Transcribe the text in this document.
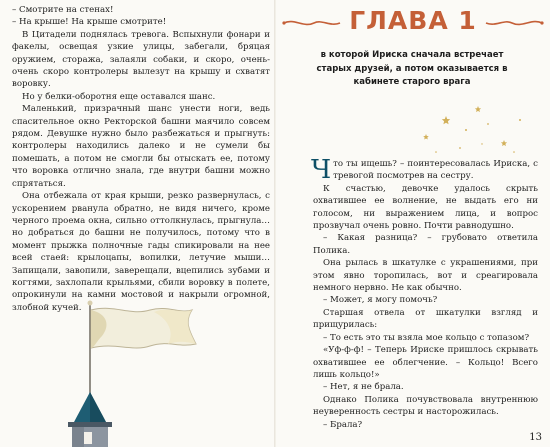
– Смотрите на стенах!

– На крыше! На крыше смотрите!

В Цитадели поднялась тревога. Вспыхнули фонари и факелы, освещая узкие улицы, забегали, бряцая оружием, стоража, залаяли собаки, и скоро, очень-очень скоро контролеры вылезут на крышу и схватят воровку.

Но у белки-оборотня еще оставался шанс.

Маленький, призрачный шанс унести ноги, ведь спасительное окно Ректорской башни маячило совсем рядом. Девушке нужно было разбежаться и прыгнуть: контролеры находились далеко и не сумели бы помешать, а потом не смогли бы отыскать ее, потому что воровка отлично знала, где внутри башни можно спрятаться.

Она отбежала от края крыши, резко развернулась, с ускорением рванула обратно, не видя ничего, кроме черного проема окна, сильно оттолкнулась, прыгнула… но добраться до башни не получилось, потому что в момент прыжка полночные гады спикировали на нее всей стаей: крылоцапы, вопилки, летучие мыши… Запищали, завопили, заверещали, вцепились зубами и когтями, захлопали крыльями, сбили воровку в полете, опрокинули на камни мостовой и накрыли огромной, злобной кучей.

ГЛАВА 1
в которой Ириска сначала встречает старых друзей, а потом оказывается в кабинете старого врага

Что ты ищешь? – поинтересовалась Ириска, с тревогой посмотрев на сестру.

К счастью, девочке удалось скрыть охватившее ее волнение, не выдать его ни голосом, ни выражением лица, и вопрос прозвучал очень ровно. Почти равнодушно.

– Какая разница? – грубовато ответила Полика.

Она рылась в шкатулке с украшениями, при этом явно торопилась, вот и среагировала немного нервно. Не как обычно.

– Может, я могу помочь?

Старшая отвела от шкатулки взгляд и прищурилась:

– То есть это ты взяла мое кольцо с топазом?

«Уф-ф-ф! – Теперь Ириске пришлось скрывать охватившее ее облегчение. – Кольцо! Всего лишь кольцо!»

– Нет, я не брала.

Однако Полика почувствовала внутреннюю неуверенность сестры и насторожилась.

– Брала?

13
